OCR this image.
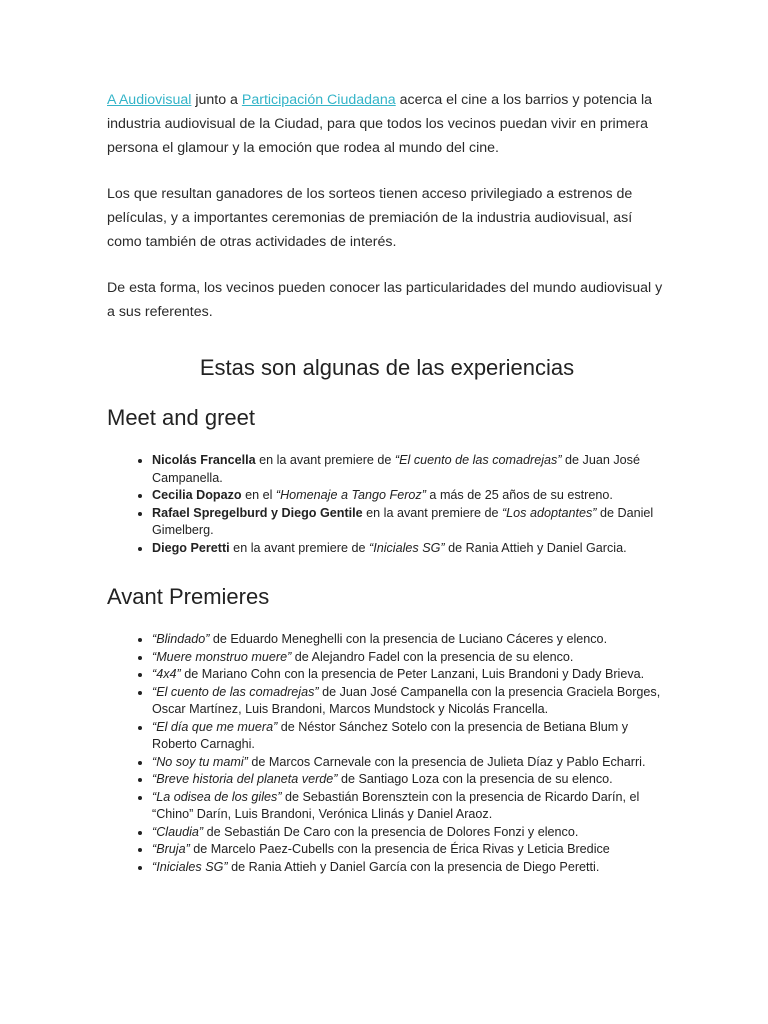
A Audiovisual junto a Participación Ciudadana acerca el cine a los barrios y potencia la industria audiovisual de la Ciudad, para que todos los vecinos puedan vivir en primera persona el glamour y la emoción que rodea al mundo del cine.

Los que resultan ganadores de los sorteos tienen acceso privilegiado a estrenos de películas, y a importantes ceremonias de premiación de la industria audiovisual, así como también de otras actividades de interés.

De esta forma, los vecinos pueden conocer las particularidades del mundo audiovisual y a sus referentes.

Estas son algunas de las experiencias
Meet and greet
• Nicolás Francella en la avant premiere de “El cuento de las comadrejas” de Juan José Campanella.
• Cecilia Dopazo en el “Homenaje a Tango Feroz” a más de 25 años de su estreno.
• Rafael Spregelburd y Diego Gentile en la avant premiere de “Los adoptantes” de Daniel Gimelberg.
• Diego Peretti en la avant premiere de “Iniciales SG” de Rania Attieh y Daniel Garcia.
Avant Premieres
• “Blindado” de Eduardo Meneghelli con la presencia de Luciano Cáceres y elenco.
• “Muere monstruo muere” de Alejandro Fadel con la presencia de su elenco.
• “4x4” de Mariano Cohn con la presencia de Peter Lanzani, Luis Brandoni y Dady Brieva.
• “El cuento de las comadrejas” de Juan José Campanella con la presencia Graciela Borges, Oscar Martínez, Luis Brandoni, Marcos Mundstock y Nicolás Francella.
• “El día que me muera” de Néstor Sánchez Sotelo con la presencia de Betiana Blum y Roberto Carnaghi.
• “No soy tu mami” de Marcos Carnevale con la presencia de Julieta Díaz y Pablo Echarri.
• “Breve historia del planeta verde” de Santiago Loza con la presencia de su elenco.
• “La odisea de los giles” de Sebastián Borensztein con la presencia de Ricardo Darín, el “Chino” Darín, Luis Brandoni, Verónica Llinás y Daniel Araoz.
• “Claudia” de Sebastián De Caro con la presencia de Dolores Fonzi y elenco.
• “Bruja” de Marcelo Paez-Cubells con la presencia de Érica Rivas y Leticia Bredice
• “Iniciales SG” de Rania Attieh y Daniel García con la presencia de Diego Peretti.
